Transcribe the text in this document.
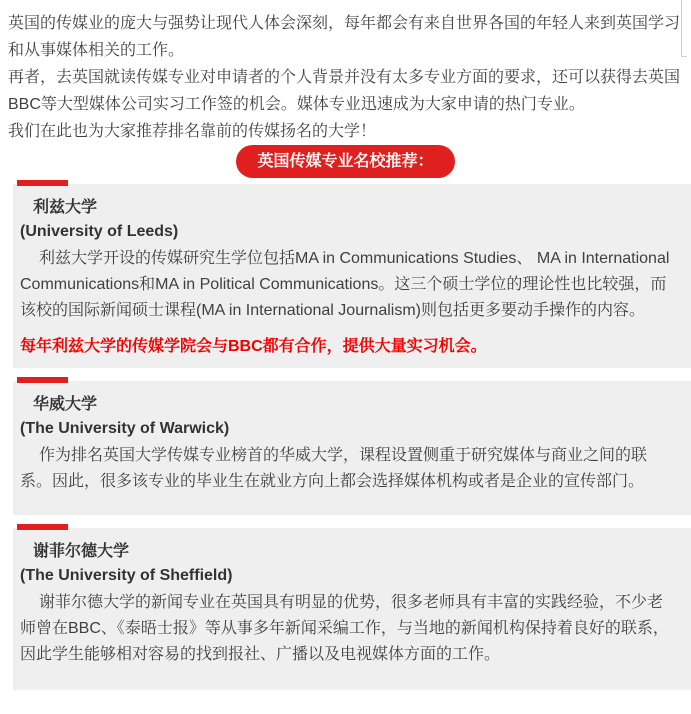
英国的传媒业的庞大与强势让现代人体会深刻，每年都会有来自世界各国的年轻人来到英国学习和从事媒体相关的工作。

再者，去英国就读传媒专业对申请者的个人背景并没有太多专业方面的要求，还可以获得去英国BBC等大型媒体公司实习工作签的机会。媒体专业迅速成为大家申请的热门专业。

我们在此也为大家推荐排名靠前的传媒扬名的大学！

英国传媒专业名校推荐：
利兹大学

(University of Leeds)

利兹大学开设的传媒研究生学位包括MA in Communications Studies、 MA in International Communications和MA in Political Communications。这三个硕士学位的理论性也比较强，而该校的国际新闻硕士课程(MA in International Journalism)则包括更多要动手操作的内容。

每年利兹大学的传媒学院会与BBC都有合作，提供大量实习机会。

华威大学

(The University of Warwick)

作为排名英国大学传媒专业榜首的华威大学，课程设置侧重于研究媒体与商业之间的联系。因此，很多该专业的毕业生在就业方向上都会选择媒体机构或者是企业的宣传部门。

谢菲尔德大学

(The University of Sheffield)

谢菲尔德大学的新闻专业在英国具有明显的优势，很多老师具有丰富的实践经验，不少老师曾在BBC、《泰晤士报》等从事多年新闻采编工作，与当地的新闻机构保持着良好的联系，因此学生能够相对容易的找到报社、广播以及电视媒体方面的工作。
